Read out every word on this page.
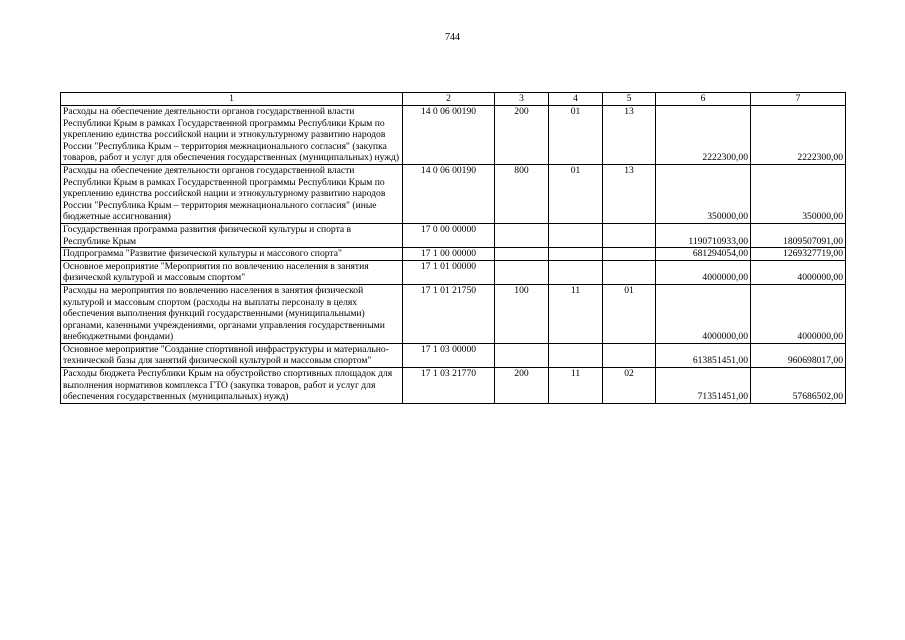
744
1	2	3	4	5	6	7
Расходы на обеспечение деятельности органов государственной власти Республики Крым в рамках Государственной программы Республики Крым по укреплению единства российской нации и этнокультурному развитию народов России "Республика Крым – территория межнационального согласия" (закупка товаров, работ и услуг для обеспечения государственных (муниципальных) нужд)	14 0 06 00190	200	01	13	2222300,00	2222300,00
Расходы на обеспечение деятельности органов государственной власти Республики Крым в рамках Государственной программы Республики Крым по укреплению единства российской нации и этнокультурному развитию народов России "Республика Крым – территория межнационального согласия" (иные бюджетные ассигнования)	14 0 06 00190	800	01	13	350000,00	350000,00
Государственная программа развития физической культуры и спорта в Республике Крым	17 0 00 00000				1190710933,00	1809507091,00
Подпрограмма "Развитие физической культуры и массового спорта"	17 1 00 00000				681294054,00	1269327719,00
Основное мероприятие "Мероприятия по вовлечению населения в занятия физической культурой и массовым спортом"	17 1 01 00000				4000000,00	4000000,00
Расходы на мероприятия по вовлечению населения в занятия физической культурой и массовым спортом (расходы на выплаты персоналу в целях обеспечения выполнения функций государственными (муниципальными) органами, казенными учреждениями, органами управления государственными внебюджетными фондами)	17 1 01 21750	100	11	01	4000000,00	4000000,00
Основное мероприятие "Создание спортивной инфраструктуры и материально-технической базы для занятий физической культурой и массовым спортом"	17 1 03 00000				613851451,00	960698017,00
Расходы бюджета Республики Крым на обустройство спортивных площадок для выполнения нормативов комплекса ГТО (закупка товаров, работ и услуг для обеспечения государственных (муниципальных) нужд)	17 1 03 21770	200	11	02	71351451,00	57686502,00
